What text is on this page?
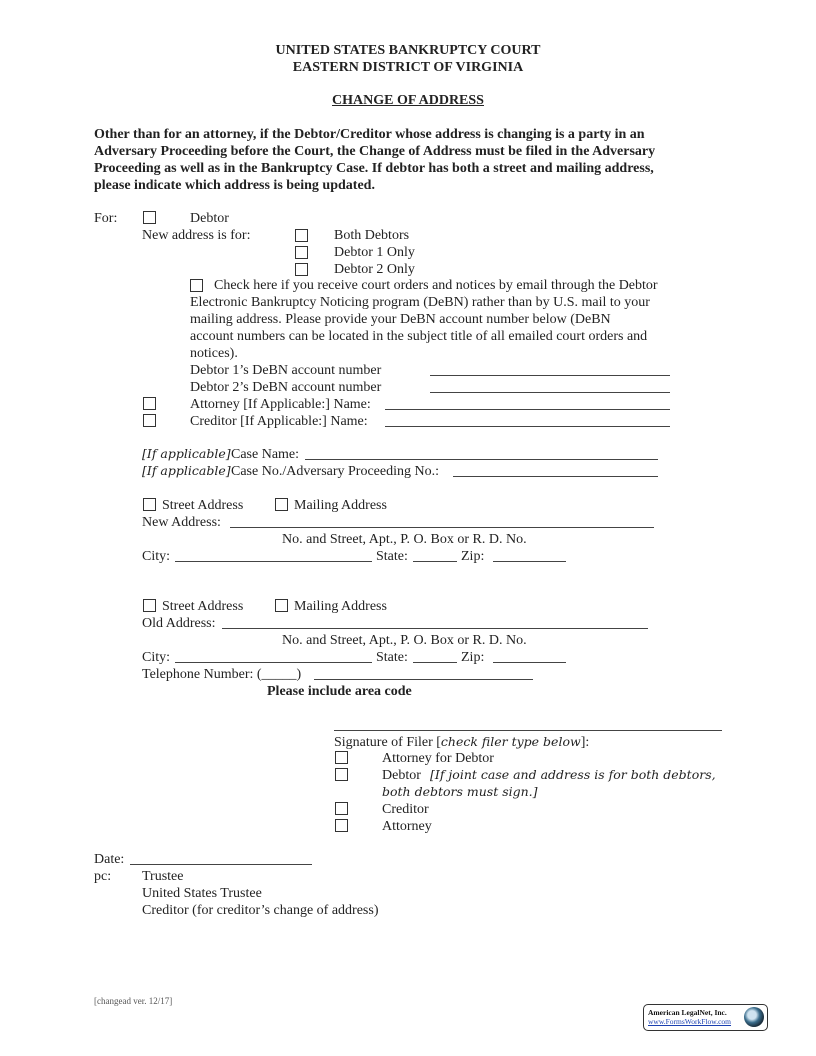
UNITED STATES BANKRUPTCY COURT
EASTERN DISTRICT OF VIRGINIA
CHANGE OF ADDRESS
Other than for an attorney, if the Debtor/Creditor whose address is changing is a party in an
Adversary Proceeding before the Court, the Change of Address must be filed in the Adversary
Proceeding as well as in the Bankruptcy Case. If debtor has both a street and mailing address,
please indicate which address is being updated.
For:	Debtor
New address is for:	Both Debtors
Debtor 1 Only
Debtor 2 Only
Check here if you receive court orders and notices by email through the Debtor
Electronic Bankruptcy Noticing program (DeBN) rather than by U.S. mail to your
mailing address. Please provide your DeBN account number below (DeBN
account numbers can be located in the subject title of all emailed court orders and
notices).
Debtor 1’s DeBN account number
Debtor 2’s DeBN account number
Attorney [If Applicable:] Name:
Creditor [If Applicable:] Name:
[If applicable] Case Name:
[If applicable] Case No./Adversary Proceeding No.:
Street Address	Mailing Address
New Address:
No. and Street, Apt., P. O. Box or R. D. No.
City:	State:	Zip:
Street Address	Mailing Address
Old Address:
No. and Street, Apt., P. O. Box or R. D. No.
City:	State:	Zip:
Telephone Number: (_____)
Please include area code
Signature of Filer [check filer type below]:
Attorney for Debtor
Debtor [If joint case and address is for both debtors,
both debtors must sign.]
Creditor
Attorney
Date:
pc: Trustee
United States Trustee
Creditor (for creditor’s change of address)
[changead ver. 12/17]
American LegalNet, Inc.
www.FormsWorkFlow.com
